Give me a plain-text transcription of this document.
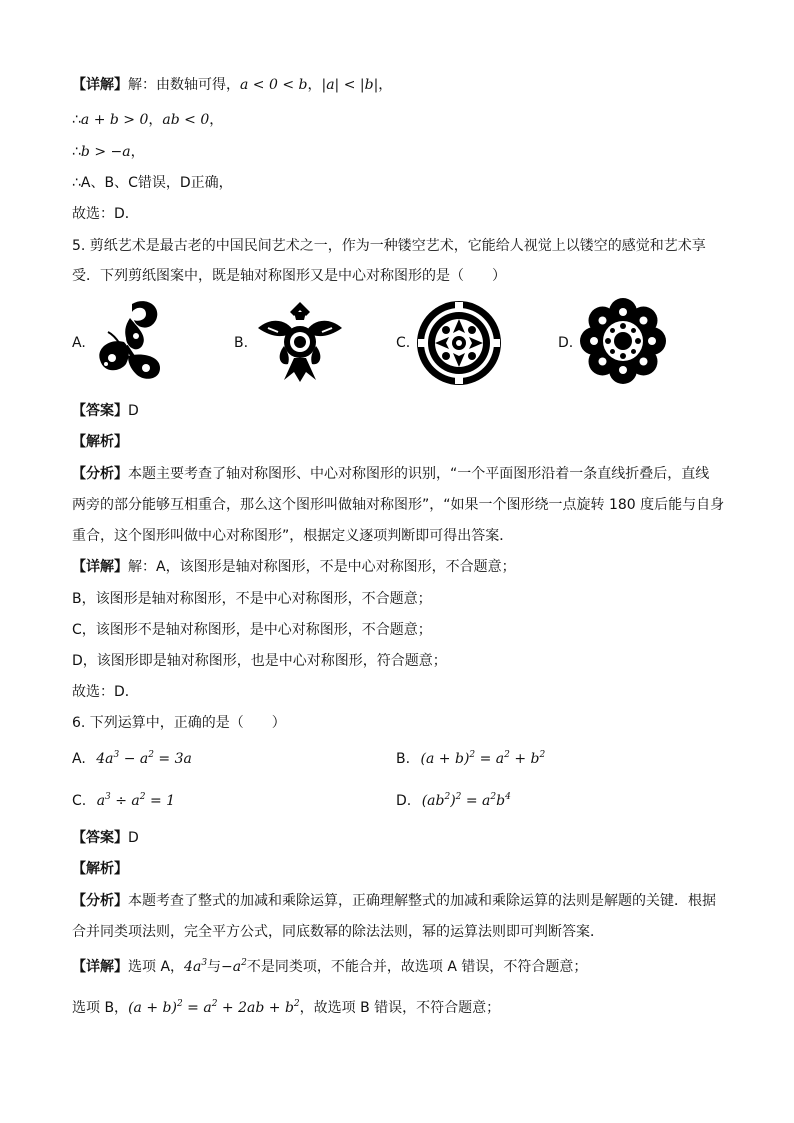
【详解】解：由数轴可得，a < 0 < b，|a| < |b|，
∴a + b > 0，ab < 0，
∴b > −a，
∴A、B、C错误，D正确，
故选：D．
5. 剪纸艺术是最古老的中国民间艺术之一，作为一种镂空艺术，它能给人视觉上以镂空的感觉和艺术享
受．下列剪纸图案中，既是轴对称图形又是中心对称图形的是（　　）
A.	B.	C.	D.
【答案】D
【解析】
【分析】本题主要考查了轴对称图形、中心对称图形的识别，“一个平面图形沿着一条直线折叠后，直线
两旁的部分能够互相重合，那么这个图形叫做轴对称图形”，“如果一个图形绕一点旋转 180 度后能与自身
重合，这个图形叫做中心对称图形”，根据定义逐项判断即可得出答案．
【详解】解：A，该图形是轴对称图形，不是中心对称图形，不合题意；
B，该图形是轴对称图形，不是中心对称图形，不合题意；
C，该图形不是轴对称图形，是中心对称图形，不合题意；
D，该图形即是轴对称图形，也是中心对称图形，符合题意；
故选：D．
6. 下列运算中，正确的是（　　）
A. $4a^3 - a^2 = 3a$	B. $(a + b)^2 = a^2 + b^2$
C. $a^3 \div a^2 = 1$	D. $(ab^2)^2 = a^2b^4$
【答案】D
【解析】
【分析】本题考查了整式的加减和乘除运算，正确理解整式的加减和乘除运算的法则是解题的关键．根据
合并同类项法则，完全平方公式，同底数幂的除法法则，幂的运算法则即可判断答案．
【详解】选项 A，$4a^3$与$-a^2$不是同类项，不能合并，故选项 A 错误，不符合题意；
选项 B，$(a + b)^2 = a^2 + 2ab + b^2$，故选项 B 错误，不符合题意；
